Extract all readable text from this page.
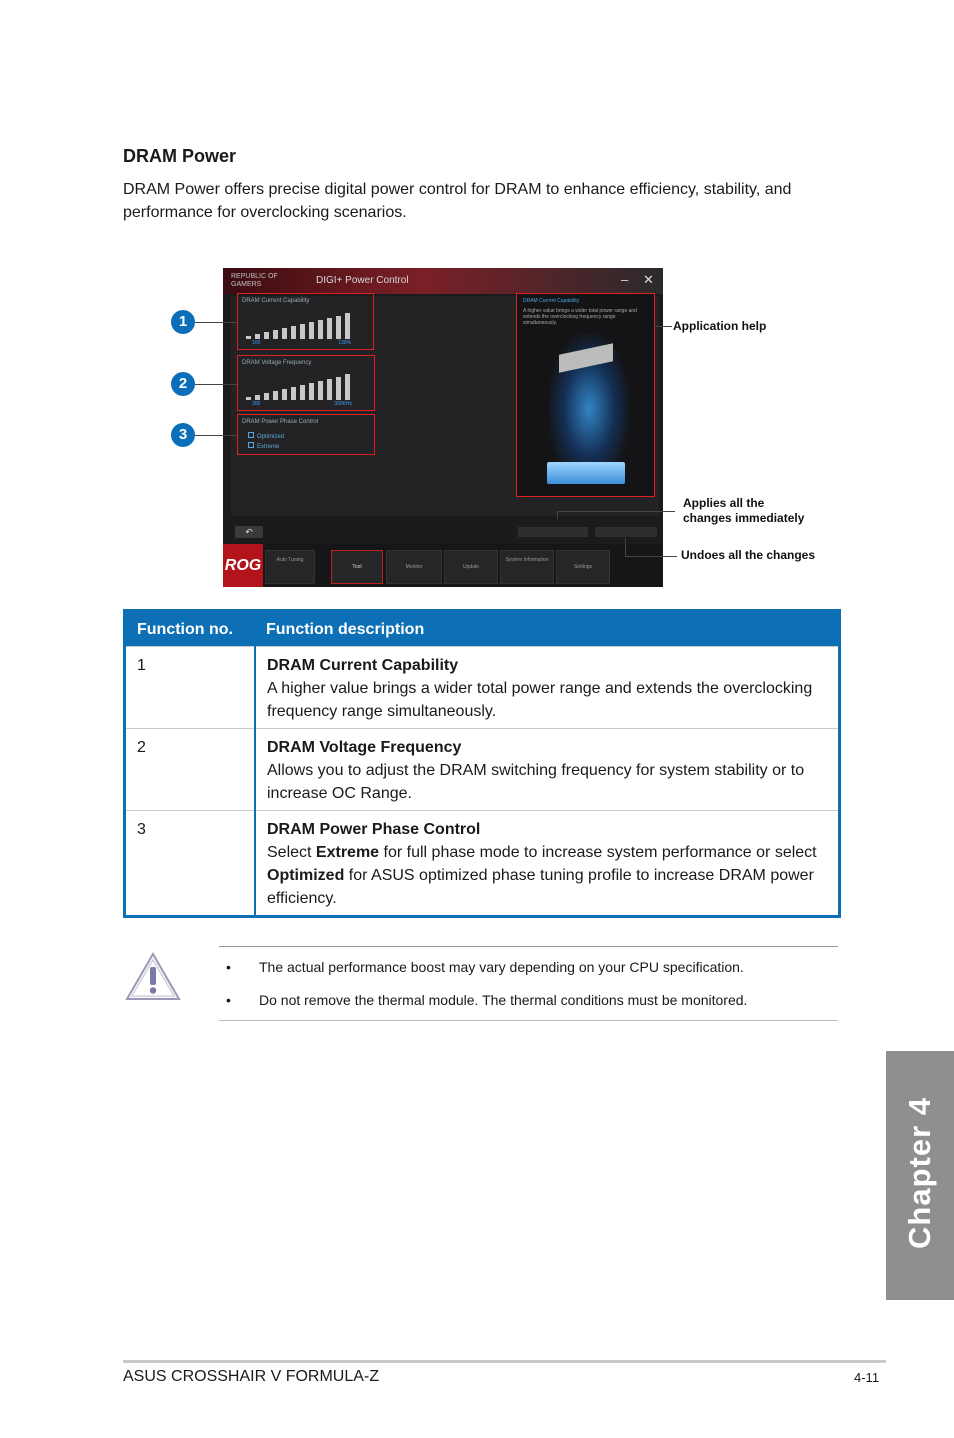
DRAM Power
DRAM Power offers precise digital power control for DRAM to enhance efficiency, stability, and performance for overclocking scenarios.
REPUBLIC OF GAMERS	DIGI+ Power Control	– ✕
DRAM Current Capability
100	130%
DRAM Voltage Frequency
300	300KHz
DRAM Power Phase Control
Optimized
Extreme
DRAM Current Capability
A higher value brings a wider total power range and extends the overclocking frequency range simultaneously.
↶
ROG	Auto Tuning
Tool	Monitor	Update
System Information
Settings
1
2
3
Application help
Applies all the
changes immediately
Undoes all the changes
Function no.	Function description
1	DRAM Current Capability
A higher value brings a wider total power range and extends the overclocking frequency range simultaneously.

2	DRAM Voltage Frequency
Allows you to adjust the DRAM switching frequency for system stability or to increase OC Range.

3	DRAM Power Phase Control
Select Extreme for full phase mode to increase system performance or select Optimized for ASUS optimized phase tuning profile to increase DRAM power efficiency.
• The actual performance boost may vary depending on your CPU specification.
• Do not remove the thermal module. The thermal conditions must be monitored.
Chapter 4
ASUS CROSSHAIR V FORMULA-Z	4-11
